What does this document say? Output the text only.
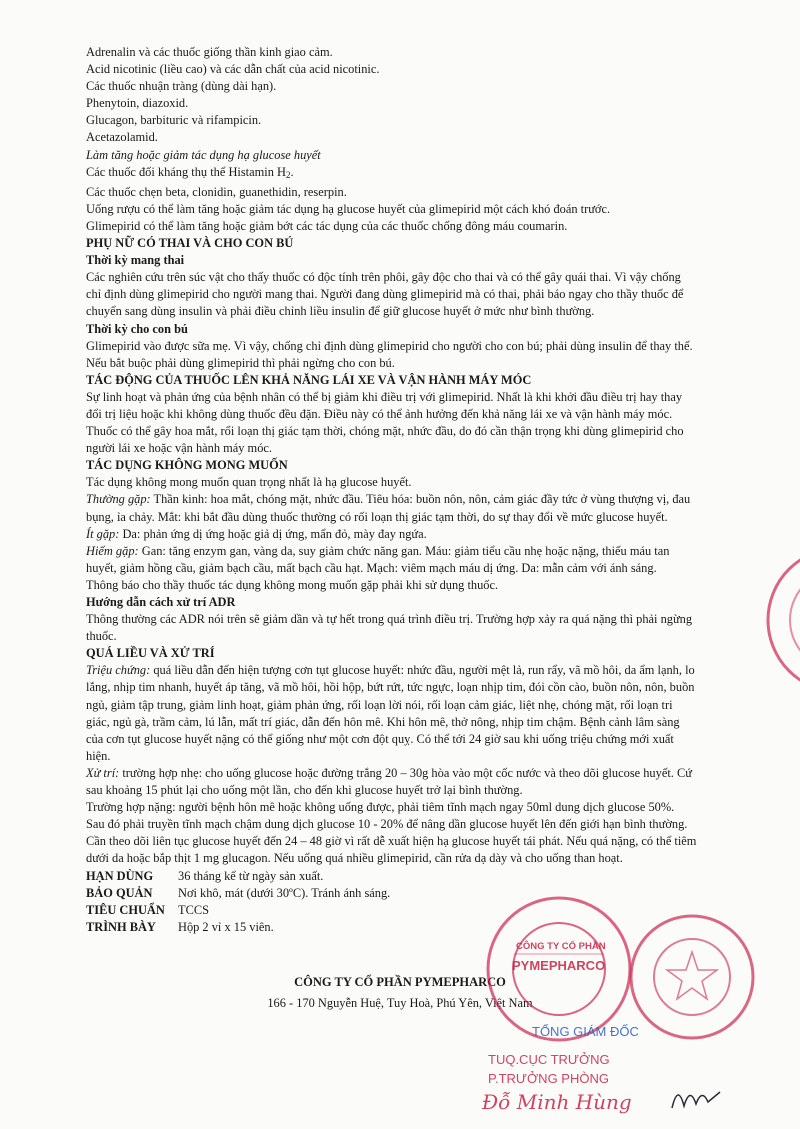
Adrenalin và các thuốc giống thần kinh giao cảm.
Acid nicotinic (liều cao) và các dẫn chất của acid nicotinic.
Các thuốc nhuận tràng (dùng dài hạn).
Phenytoin, diazoxid.
Glucagon, barbituric và rifampicin.
Acetazolamid.
Làm tăng hoặc giảm tác dụng hạ glucose huyết
Các thuốc đối kháng thụ thể Histamin $H_2$.
Các thuốc chẹn beta, clonidin, guanethidin, reserpin.
Uống rượu có thể làm tăng hoặc giảm tác dụng hạ glucose huyết của glimepirid một cách khó đoán trước.
Glimepirid có thể làm tăng hoặc giảm bớt các tác dụng của các thuốc chống đông máu coumarin.
PHỤ NỮ CÓ THAI VÀ CHO CON BÚ
Thời kỳ mang thai
Các nghiên cứu trên súc vật cho thấy thuốc có độc tính trên phôi, gây độc cho thai và có thể gây quái thai. Vì vậy chống
chỉ định dùng glimepirid cho người mang thai. Người đang dùng glimepirid mà có thai, phải báo ngay cho thầy thuốc để
chuyển sang dùng insulin và phải điều chỉnh liều insulin để giữ glucose huyết ở mức như bình thường.
Thời kỳ cho con bú
Glimepirid vào được sữa mẹ. Vì vậy, chống chỉ định dùng glimepirid cho người cho con bú; phải dùng insulin để thay thế.
Nếu bắt buộc phải dùng glimepirid thì phải ngừng cho con bú.
TÁC ĐỘNG CỦA THUỐC LÊN KHẢ NĂNG LÁI XE VÀ VẬN HÀNH MÁY MÓC
Sự linh hoạt và phản ứng của bệnh nhân có thể bị giảm khi điều trị với glimepirid. Nhất là khi khởi đầu điều trị hay thay
đổi trị liệu hoặc khi không dùng thuốc đều đặn. Điều này có thể ảnh hưởng đến khả năng lái xe và vận hành máy móc.
Thuốc có thể gây hoa mắt, rối loạn thị giác tạm thời, chóng mặt, nhức đầu, do đó cần thận trọng khi dùng glimepirid cho
người lái xe hoặc vận hành máy móc.
TÁC DỤNG KHÔNG MONG MUỐN
Tác dụng không mong muốn quan trọng nhất là hạ glucose huyết.
Thường gặp: Thần kinh: hoa mắt, chóng mặt, nhức đầu. Tiêu hóa: buồn nôn, nôn, cảm giác đầy tức ở vùng thượng vị, đau
bụng, ỉa chảy. Mắt: khi bắt đầu dùng thuốc thường có rối loạn thị giác tạm thời, do sự thay đổi về mức glucose huyết.
Ít gặp: Da: phản ứng dị ứng hoặc giả dị ứng, mẩn đỏ, mày đay ngứa.
Hiếm gặp: Gan: tăng enzym gan, vàng da, suy giảm chức năng gan. Máu: giảm tiểu cầu nhẹ hoặc nặng, thiếu máu tan
huyết, giảm hồng cầu, giảm bạch cầu, mất bạch cầu hạt. Mạch: viêm mạch máu dị ứng. Da: mẫn cảm với ánh sáng.
Thông báo cho thầy thuốc tác dụng không mong muốn gặp phải khi sử dụng thuốc.
Hướng dẫn cách xử trí ADR
Thông thường các ADR nói trên sẽ giảm dần và tự hết trong quá trình điều trị. Trường hợp xảy ra quá nặng thì phải ngừng
thuốc.
QUÁ LIỀU VÀ XỬ TRÍ
Triệu chứng: quá liều dẫn đến hiện tượng cơn tụt glucose huyết: nhức đầu, người mệt lả, run rẩy, vã mồ hôi, da ẩm lạnh, lo
lắng, nhịp tim nhanh, huyết áp tăng, vã mồ hôi, hồi hộp, bứt rứt, tức ngực, loạn nhịp tim, đói cồn cào, buồn nôn, nôn, buồn
ngủ, giảm tập trung, giảm linh hoạt, giảm phản ứng, rối loạn lời nói, rối loạn cảm giác, liệt nhẹ, chóng mặt, rối loạn tri
giác, ngủ gà, trầm cảm, lú lẫn, mất trí giác, dẫn đến hôn mê. Khi hôn mê, thở nông, nhịp tim chậm. Bệnh cảnh lâm sàng
của cơn tụt glucose huyết nặng có thể giống như một cơn đột quỵ. Có thể tới 24 giờ sau khi uống triệu chứng mới xuất
hiện.
Xử trí: trường hợp nhẹ: cho uống glucose hoặc đường trắng 20 – 30g hòa vào một cốc nước và theo dõi glucose huyết. Cứ
sau khoảng 15 phút lại cho uống một lần, cho đến khi glucose huyết trở lại bình thường.
Trường hợp nặng: người bệnh hôn mê hoặc không uống được, phải tiêm tĩnh mạch ngay 50ml dung dịch glucose 50%.
Sau đó phải truyền tĩnh mạch chậm dung dịch glucose 10 - 20% để nâng dần glucose huyết lên đến giới hạn bình thường.
Cần theo dõi liên tục glucose huyết đến 24 – 48 giờ vì rất dễ xuất hiện hạ glucose huyết tái phát. Nếu quá nặng, có thể tiêm
dưới da hoặc bắp thịt 1 mg glucagon. Nếu uống quá nhiều glimepirid, cần rửa dạ dày và cho uống than hoạt.
HẠN DÙNG	36 tháng kể từ ngày sản xuất.
BẢO QUẢN	Nơi khô, mát (dưới 30ºC). Tránh ánh sáng.
TIÊU CHUẨN	TCCS
TRÌNH BÀY	Hộp 2 vỉ x 15 viên.
CÔNG TY CỔ PHẦN PYMEPHARCO
166 - 170 Nguyễn Huệ, Tuy Hoà, Phú Yên, Việt Nam
CÔNG TY CỔ PHẦN
PYMEPHARCO
TỔNG GIÁM ĐỐC
TUQ.CỤC TRƯỞNG
P.TRƯỞNG PHÒNG
Đỗ Minh Hùng
